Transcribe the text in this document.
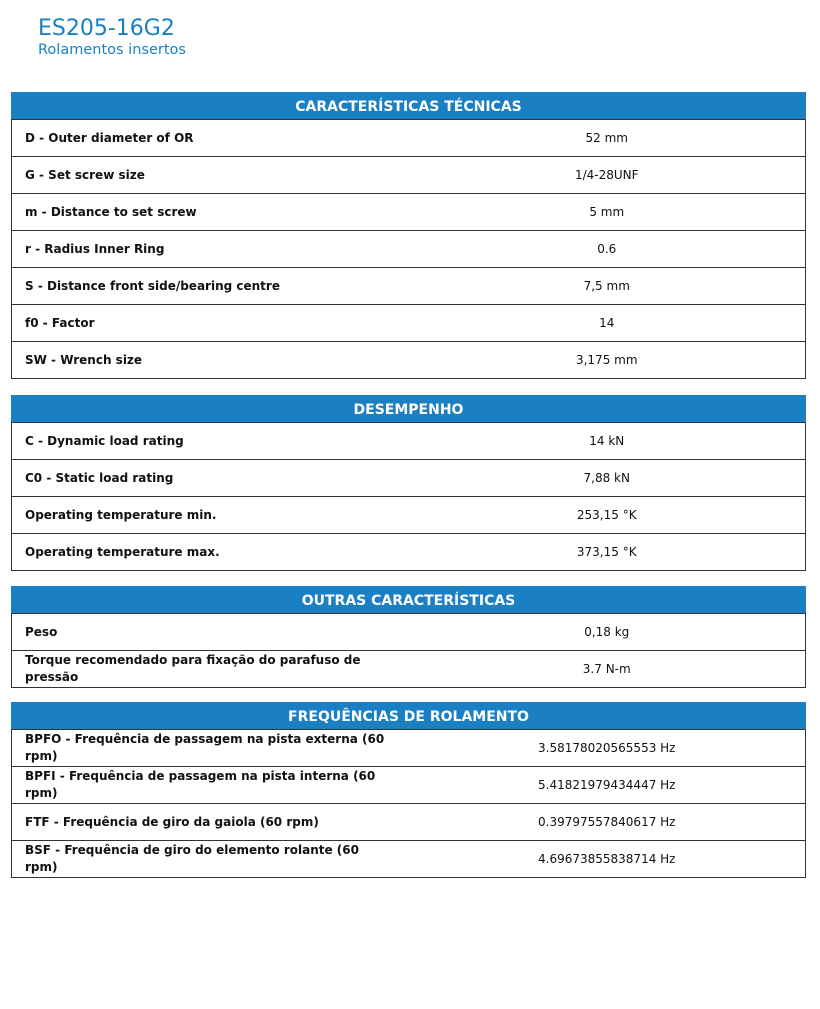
ES205-16G2
Rolamentos insertos
CARACTERÍSTICAS TÉCNICAS
D - Outer diameter of OR	52 mm
G - Set screw size	1/4-28UNF
m - Distance to set screw	5 mm
r - Radius Inner Ring	0.6
S - Distance front side/bearing centre	7,5 mm
f0 - Factor	14
SW - Wrench size	3,175 mm
DESEMPENHO
C - Dynamic load rating	14 kN
C0 - Static load rating	7,88 kN
Operating temperature min.	253,15 °K
Operating temperature max.	373,15 °K
OUTRAS CARACTERÍSTICAS
Peso	0,18 kg
Torque recomendado para fixação do parafuso de pressão	3.7 N-m
FREQUÊNCIAS DE ROLAMENTO
BPFO - Frequência de passagem na pista externa (60 rpm)	3.58178020565553 Hz
BPFI - Frequência de passagem na pista interna (60 rpm)	5.41821979434447 Hz
FTF - Frequência de giro da gaiola (60 rpm)	0.39797557840617 Hz
BSF - Frequência de giro do elemento rolante (60 rpm)	4.69673855838714 Hz
